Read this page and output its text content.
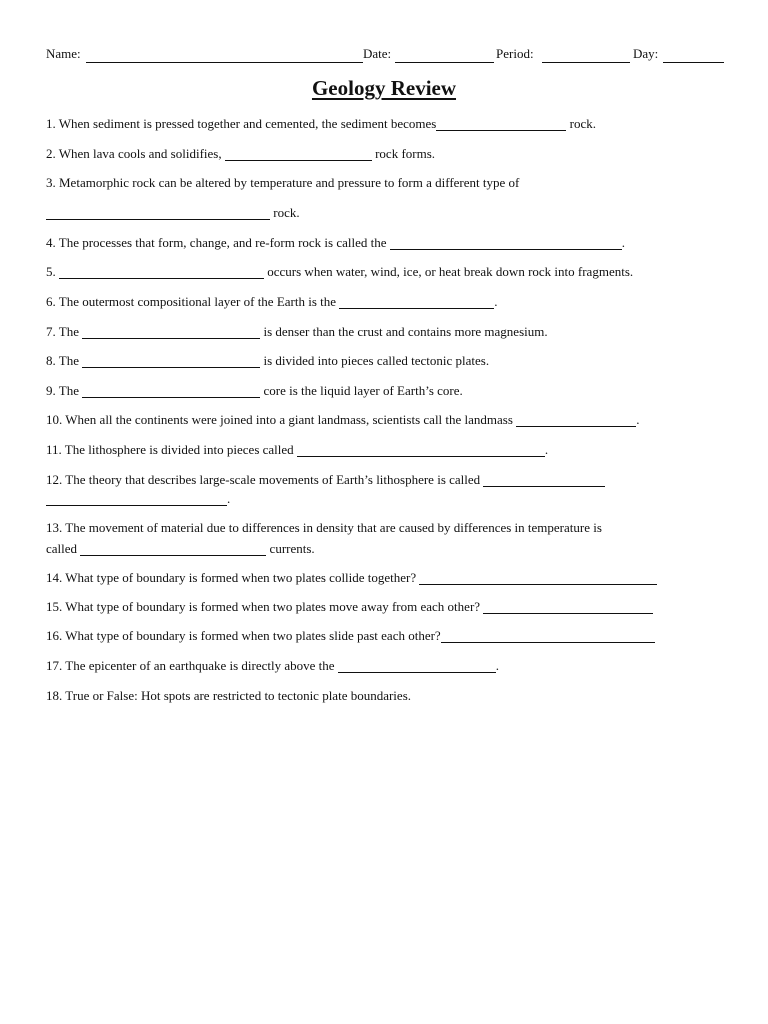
Name:	Date:	Period:	Day:
Geology Review
1. When sediment is pressed together and cemented, the sediment becomes	rock.
2. When lava cools and solidifies,	rock forms.
3. Metamorphic rock can be altered by temperature and pressure to form a different type of
rock.
4. The processes that form, change, and re-form rock is called the	.
5.	occurs when water, wind, ice, or heat break down rock into fragments.
6. The outermost compositional layer of the Earth is the	.
7. The	is denser than the crust and contains more magnesium.
8. The	is divided into pieces called tectonic plates.
9. The	core is the liquid layer of Earth’s core.
10. When all the continents were joined into a giant landmass, scientists call the landmass	.
11. The lithosphere is divided into pieces called	.
12. The theory that describes large-scale movements of Earth’s lithosphere is called
.
13. The movement of material due to differences in density that are caused by differences in temperature is
called	currents.
14. What type of boundary is formed when two plates collide together?
15. What type of boundary is formed when two plates move away from each other?
16. What type of boundary is formed when two plates slide past each other?
17. The epicenter of an earthquake is directly above the	.
18. True or False: Hot spots are restricted to tectonic plate boundaries.
